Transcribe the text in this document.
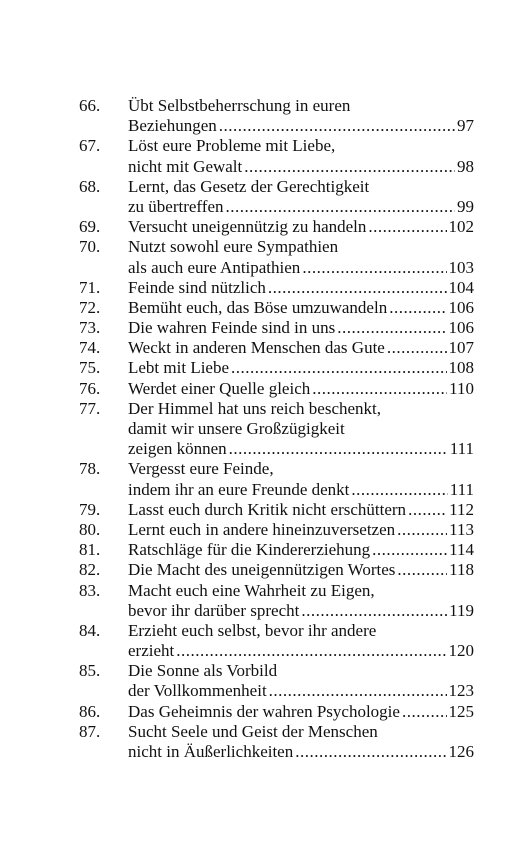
66. Übt Selbstbeherrschung in euren
Beziehungen .....	97
67. Löst eure Probleme mit Liebe,
nicht mit Gewalt .....	98
68. Lernt, das Gesetz der Gerechtigkeit
zu übertreffen .....	99
69. Versucht uneigennützig zu handeln .....	102
70. Nutzt sowohl eure Sympathien
als auch eure Antipathien .....	103
71. Feinde sind nützlich .....	104
72. Bemüht euch, das Böse umzuwandeln .....	106
73. Die wahren Feinde sind in uns .....	106
74. Weckt in anderen Menschen das Gute .....	107
75. Lebt mit Liebe .....	108
76. Werdet einer Quelle gleich .....	110
77. Der Himmel hat uns reich beschenkt,
damit wir unsere Großzügigkeit
zeigen können .....	111
78. Vergesst eure Feinde,
indem ihr an eure Freunde denkt .....	111
79. Lasst euch durch Kritik nicht erschüttern .....	112
80. Lernt euch in andere hineinzuversetzen .....	113
81. Ratschläge für die Kindererziehung .....	114
82. Die Macht des uneigennützigen Wortes .....	118
83. Macht euch eine Wahrheit zu Eigen,
bevor ihr darüber sprecht .....	119
84. Erzieht euch selbst, bevor ihr andere
erzieht .....	120
85. Die Sonne als Vorbild
der Vollkommenheit .....	123
86. Das Geheimnis der wahren Psychologie .....	125
87. Sucht Seele und Geist der Menschen
nicht in Äußerlichkeiten .....	126
